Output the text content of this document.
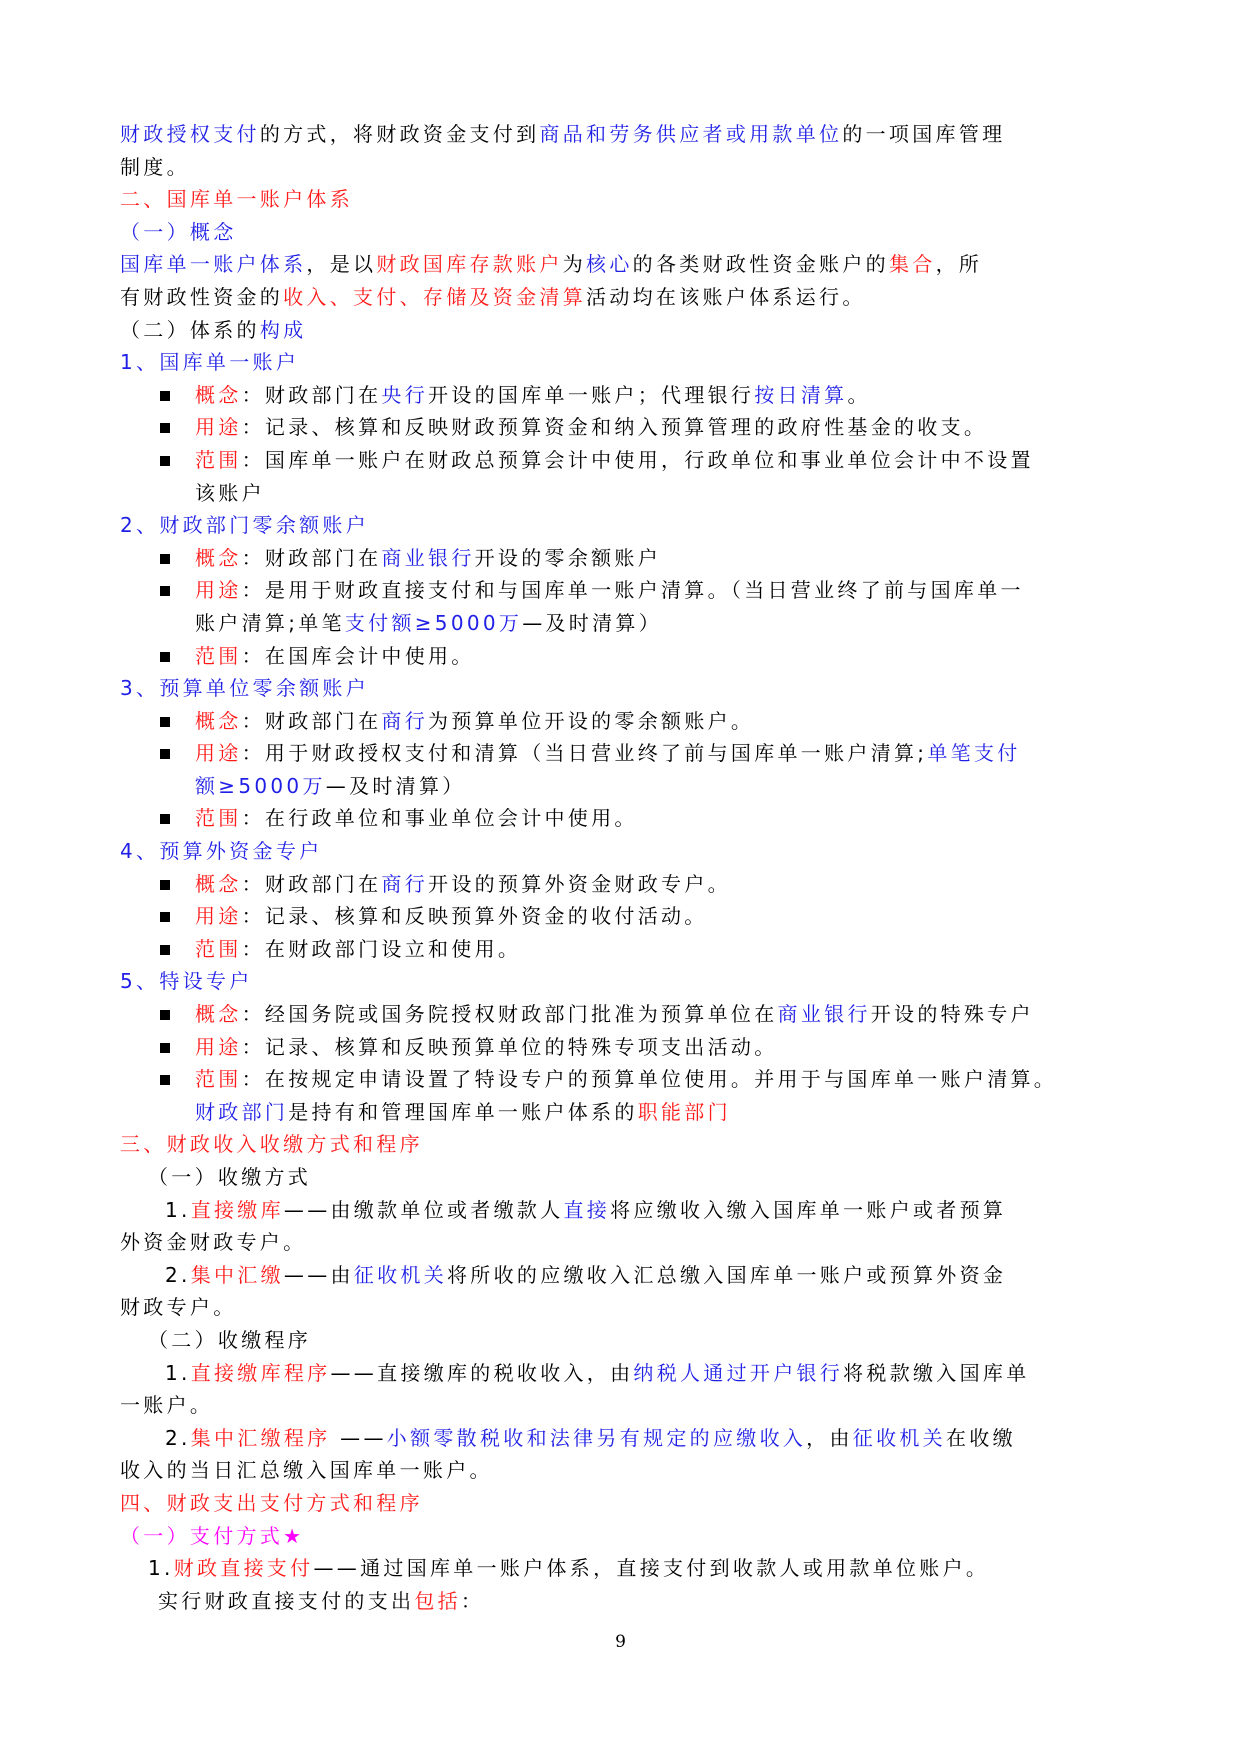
财政授权支付的方式，将财政资金支付到商品和劳务供应者或用款单位的一项国库管理
制度。
二、国库单一账户体系
（一）概念
国库单一账户体系，是以财政国库存款账户为核心的各类财政性资金账户的集合，所
有财政性资金的收入、支付、存储及资金清算活动均在该账户体系运行。
（二）体系的构成
1、国库单一账户
概念：财政部门在央行开设的国库单一账户；代理银行按日清算。
用途：记录、核算和反映财政预算资金和纳入预算管理的政府性基金的收支。
范围：国库单一账户在财政总预算会计中使用，行政单位和事业单位会计中不设置
该账户
2、财政部门零余额账户
概念：财政部门在商业银行开设的零余额账户
用途：是用于财政直接支付和与国库单一账户清算。（当日营业终了前与国库单一
账户清算;单笔支付额≥5000万—及时清算）
范围：在国库会计中使用。
3、预算单位零余额账户
概念：财政部门在商行为预算单位开设的零余额账户。
用途：用于财政授权支付和清算（当日营业终了前与国库单一账户清算;单笔支付
额≥5000万—及时清算）
范围：在行政单位和事业单位会计中使用。
4、预算外资金专户
概念：财政部门在商行开设的预算外资金财政专户。
用途：记录、核算和反映预算外资金的收付活动。
范围：在财政部门设立和使用。
5、特设专户
概念：经国务院或国务院授权财政部门批准为预算单位在商业银行开设的特殊专户
用途：记录、核算和反映预算单位的特殊专项支出活动。
范围：在按规定申请设置了特设专户的预算单位使用。并用于与国库单一账户清算。
财政部门是持有和管理国库单一账户体系的职能部门
三、财政收入收缴方式和程序
（一）收缴方式
1.直接缴库——由缴款单位或者缴款人直接将应缴收入缴入国库单一账户或者预算
外资金财政专户。
2.集中汇缴——由征收机关将所收的应缴收入汇总缴入国库单一账户或预算外资金
财政专户。
（二）收缴程序
1.直接缴库程序——直接缴库的税收收入，由纳税人通过开户银行将税款缴入国库单
一账户。
2.集中汇缴程序 ——小额零散税收和法律另有规定的应缴收入，由征收机关在收缴
收入的当日汇总缴入国库单一账户。
四、财政支出支付方式和程序
（一）支付方式★
1.财政直接支付——通过国库单一账户体系，直接支付到收款人或用款单位账户。
实行财政直接支付的支出包括：
9
